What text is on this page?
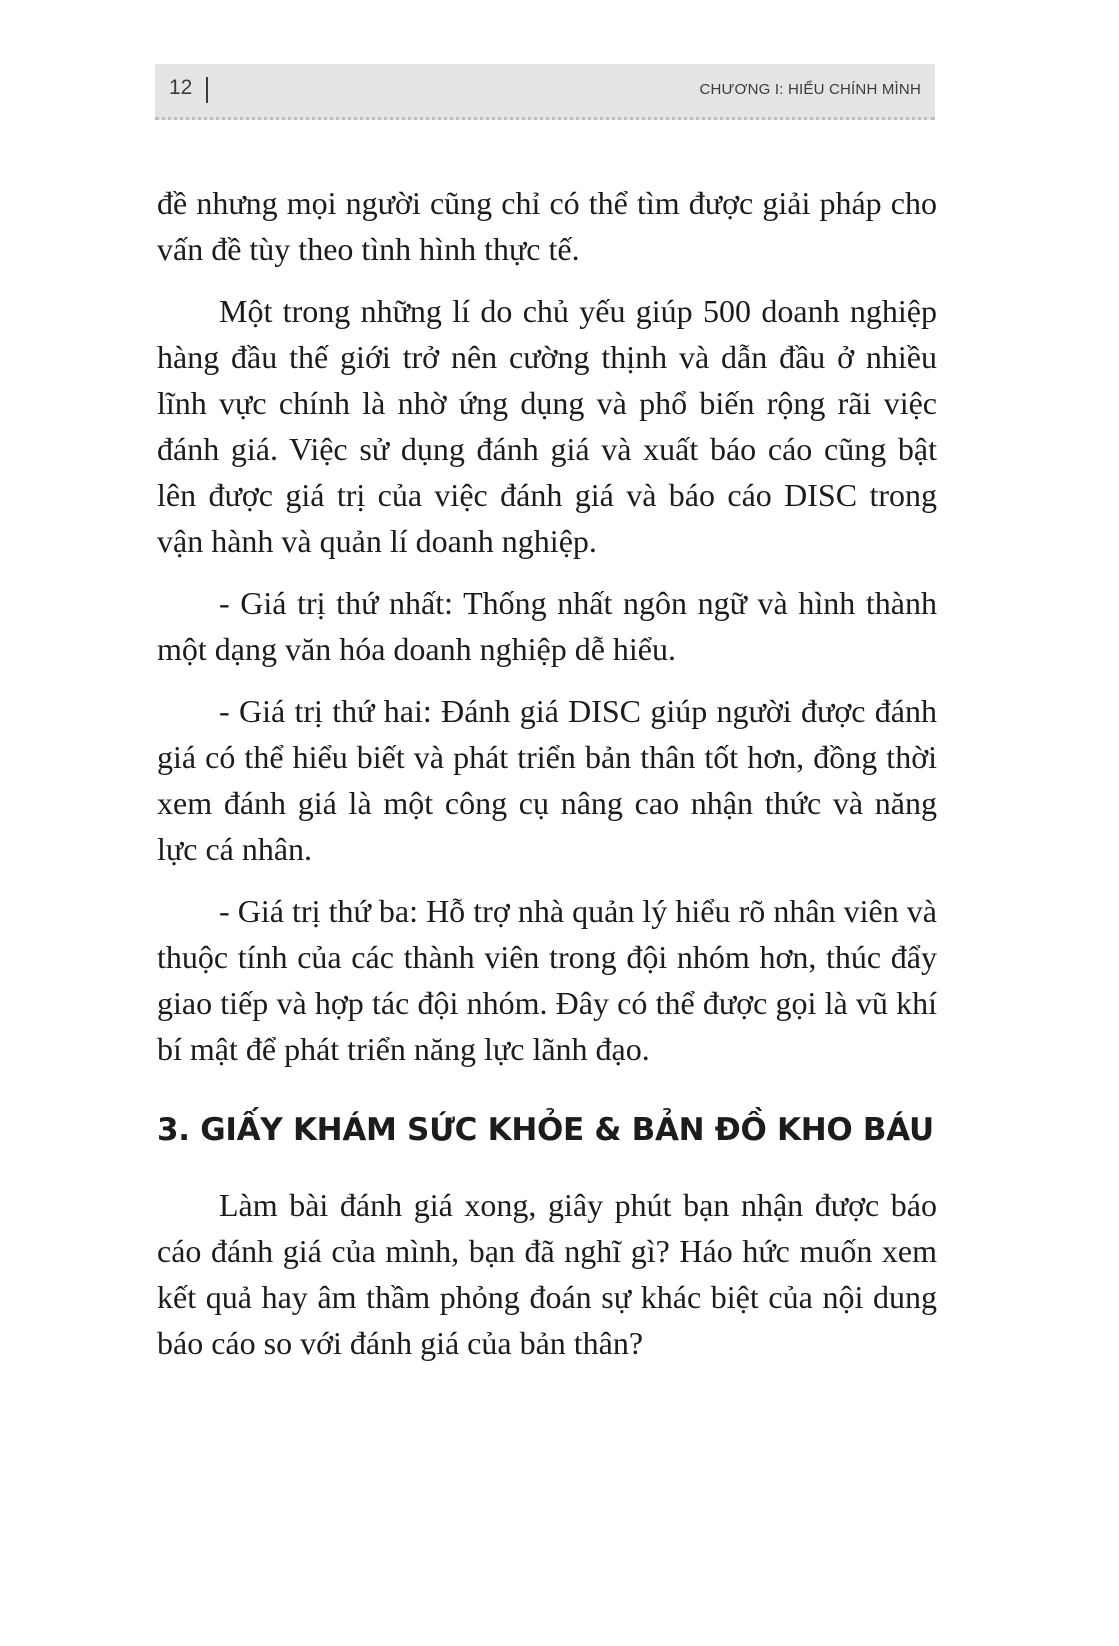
12	CHƯƠNG I: HIỂU CHÍNH MÌNH

đề nhưng mọi người cũng chỉ có thể tìm được giải pháp cho vấn đề tùy theo tình hình thực tế.

Một trong những lí do chủ yếu giúp 500 doanh nghiệp hàng đầu thế giới trở nên cường thịnh và dẫn đầu ở nhiều lĩnh vực chính là nhờ ứng dụng và phổ biến rộng rãi việc đánh giá. Việc sử dụng đánh giá và xuất báo cáo cũng bật lên được giá trị của việc đánh giá và báo cáo DISC trong vận hành và quản lí doanh nghiệp.

- Giá trị thứ nhất: Thống nhất ngôn ngữ và hình thành một dạng văn hóa doanh nghiệp dễ hiểu.

- Giá trị thứ hai: Đánh giá DISC giúp người được đánh giá có thể hiểu biết và phát triển bản thân tốt hơn, đồng thời xem đánh giá là một công cụ nâng cao nhận thức và năng lực cá nhân.

- Giá trị thứ ba: Hỗ trợ nhà quản lý hiểu rõ nhân viên và thuộc tính của các thành viên trong đội nhóm hơn, thúc đẩy giao tiếp và hợp tác đội nhóm. Đây có thể được gọi là vũ khí bí mật để phát triển năng lực lãnh đạo.

3. GIẤY KHÁM SỨC KHỎE & BẢN ĐỒ KHO BÁU

Làm bài đánh giá xong, giây phút bạn nhận được báo cáo đánh giá của mình, bạn đã nghĩ gì? Háo hức muốn xem kết quả hay âm thầm phỏng đoán sự khác biệt của nội dung báo cáo so với đánh giá của bản thân?
